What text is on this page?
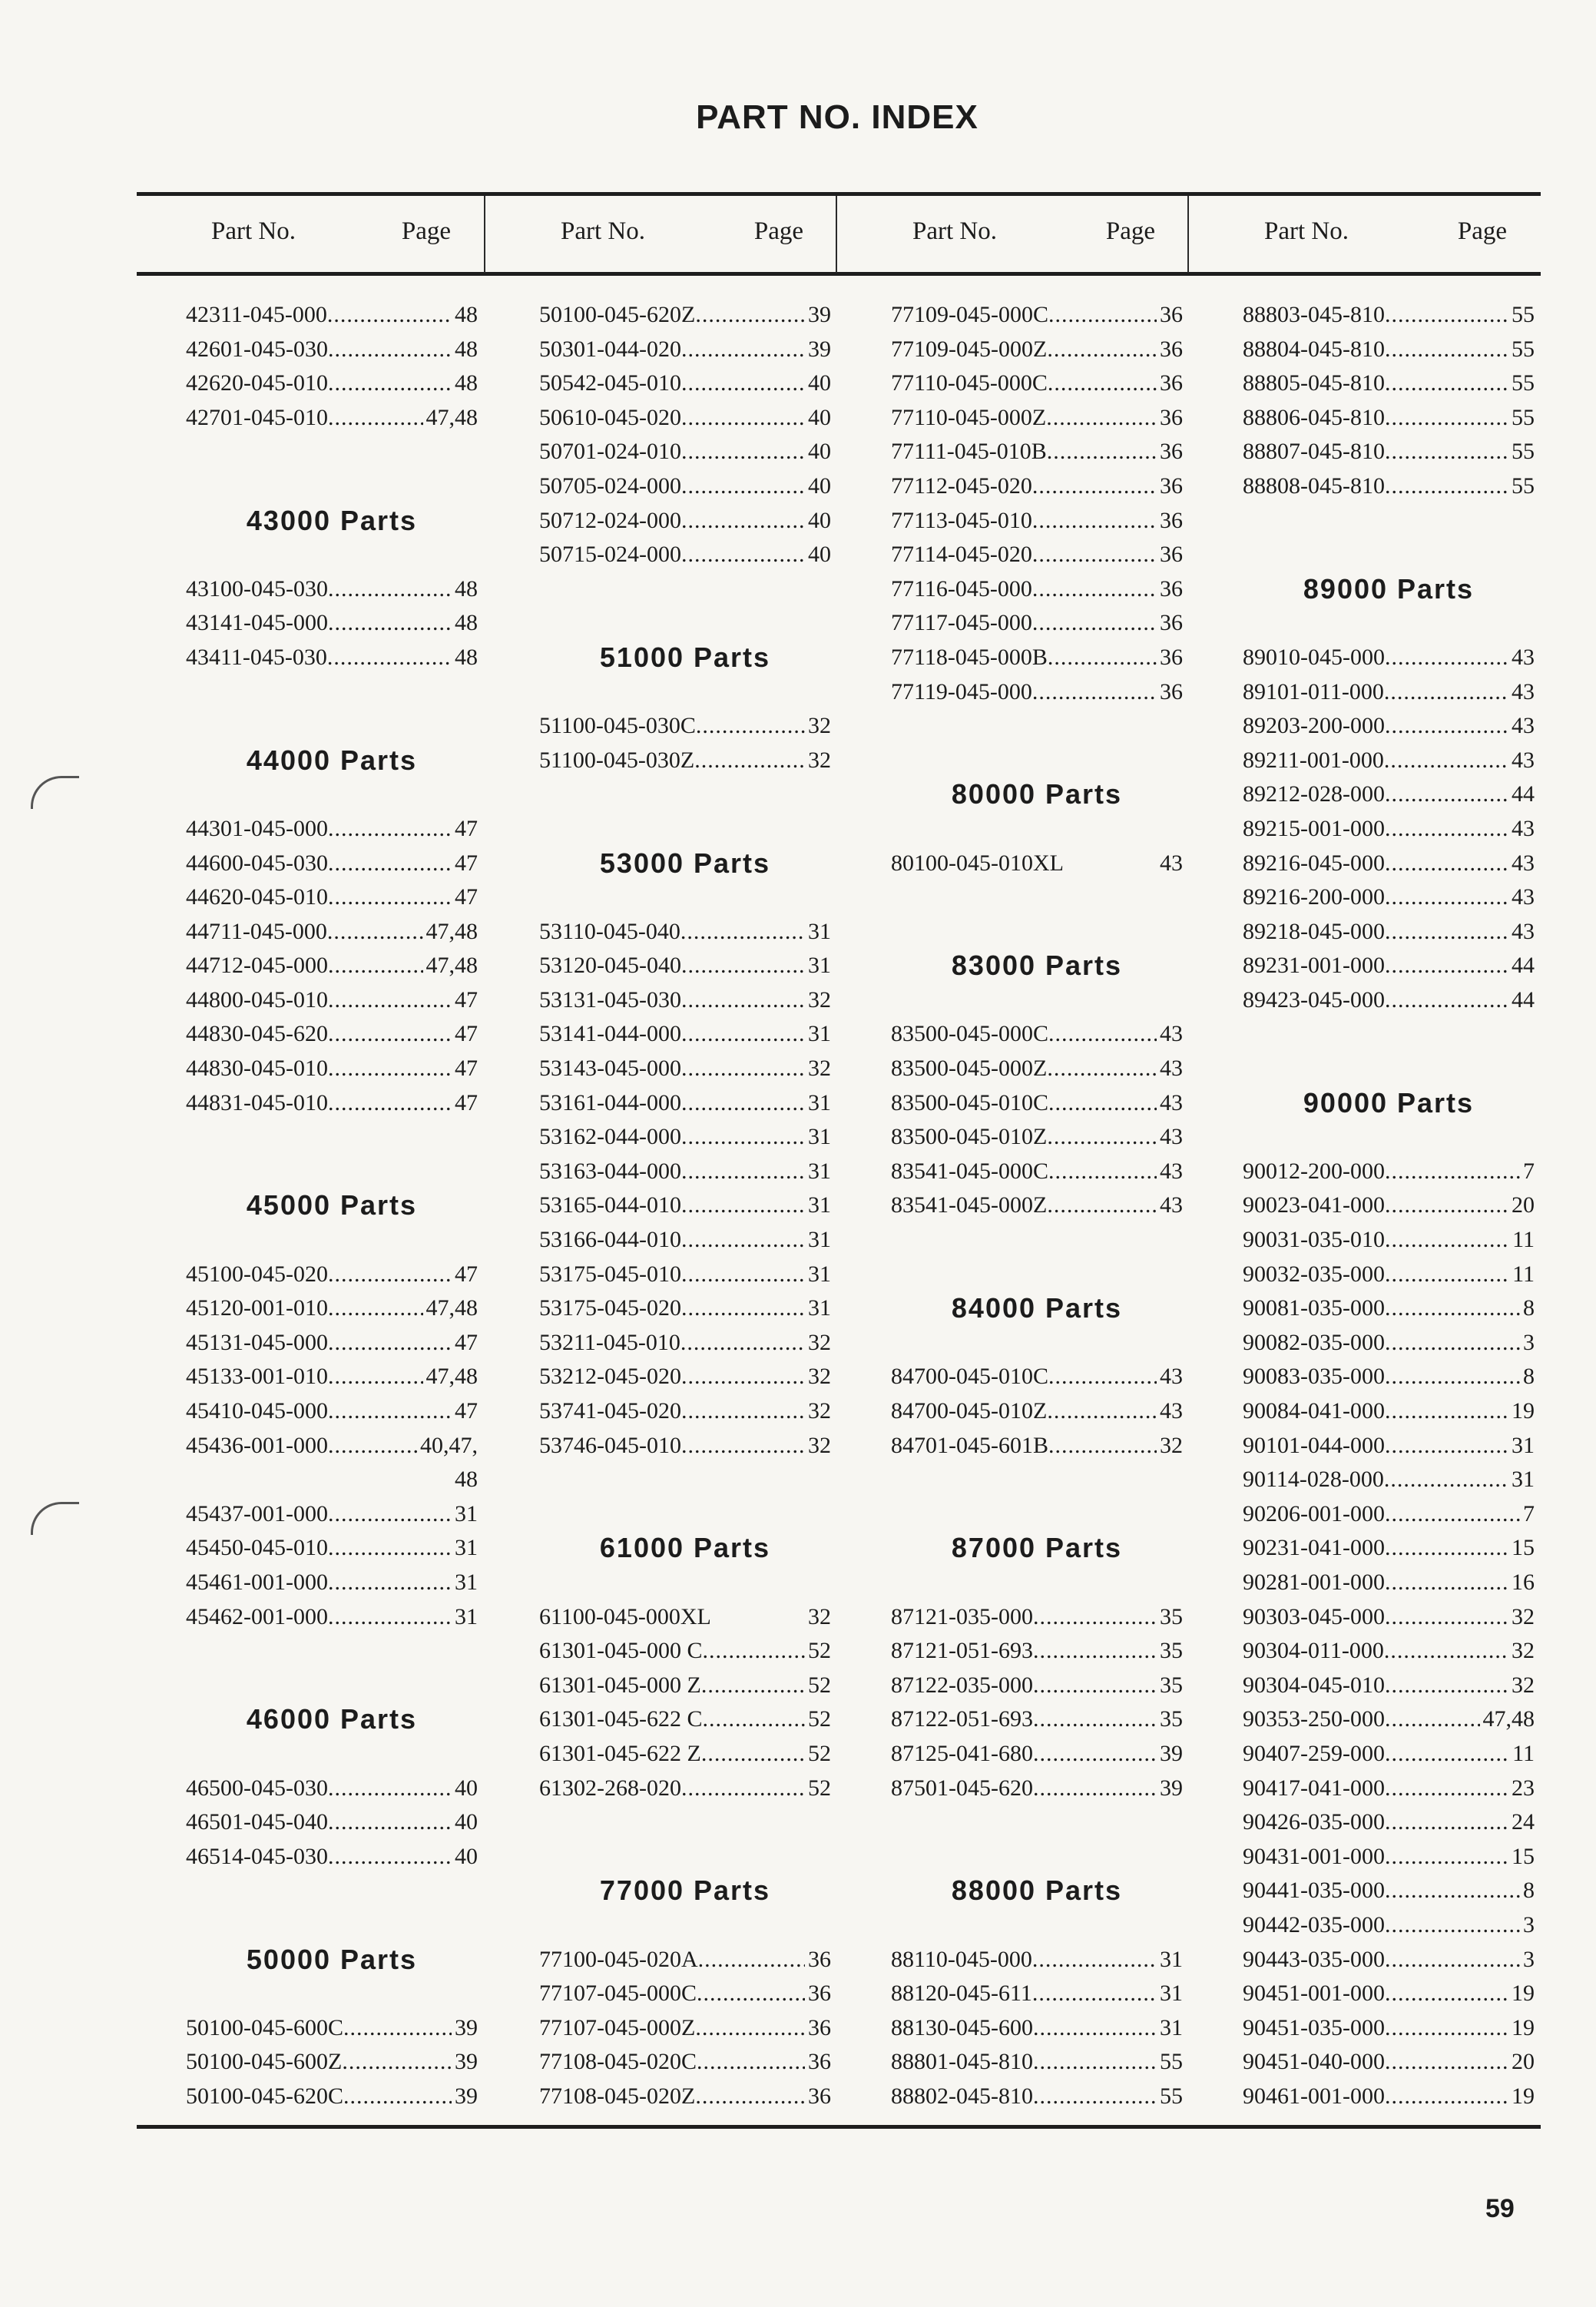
PART NO. INDEX
Part No.	Page	Part No.	Page	Part No.	Page	Part No.	Page
42311-045-000 .....	48
42601-045-030 .....	48
42620-045-010 .....	48
42701-045-010 .....	47,48
43000 Parts
43100-045-030 .....	48
43141-045-000 .....	48
43411-045-030 .....	48
44000 Parts
44301-045-000 .....	47
44600-045-030 .....	47
44620-045-010 .....	47
44711-045-000 .....	47,48
44712-045-000 .....	47,48
44800-045-010 .....	47
44830-045-620 .....	47
44830-045-010 .....	47
44831-045-010 .....	47
45000 Parts
45100-045-020 .....	47
45120-001-010 .....	47,48
45131-045-000 .....	47
45133-001-010 .....	47,48
45410-045-000 .....	47
45436-001-000 .....	40,47,
48
45437-001-000 .....	31
45450-045-010 .....	31
45461-001-000 .....	31
45462-001-000 .....	31
46000 Parts
46500-045-030 .....	40
46501-045-040 .....	40
46514-045-030 .....	40
50000 Parts
50100-045-600C .....	39
50100-045-600Z .....	39
50100-045-620C .....	39
50100-045-620Z .....	39
50301-044-020 .....	39
50542-045-010 .....	40
50610-045-020 .....	40
50701-024-010 .....	40
50705-024-000 .....	40
50712-024-000 .....	40
50715-024-000 .....	40
51000 Parts
51100-045-030C .....	32
51100-045-030Z .....	32
53000 Parts
53110-045-040 .....	31
53120-045-040 .....	31
53131-045-030 .....	32
53141-044-000 .....	31
53143-045-000 .....	32
53161-044-000 .....	31
53162-044-000 .....	31
53163-044-000 .....	31
53165-044-010 .....	31
53166-044-010 .....	31
53175-045-010 .....	31
53175-045-020 .....	31
53211-045-010 .....	32
53212-045-020 .....	32
53741-045-020 .....	32
53746-045-010 .....	32
61000 Parts
61100-045-000XL	32
61301-045-000 C .....	52
61301-045-000 Z .....	52
61301-045-622 C .....	52
61301-045-622 Z .....	52
61302-268-020 .....	52
77000 Parts
77100-045-020A .....	36
77107-045-000C .....	36
77107-045-000Z .....	36
77108-045-020C .....	36
77108-045-020Z .....	36
77109-045-000C .....	36
77109-045-000Z .....	36
77110-045-000C .....	36
77110-045-000Z .....	36
77111-045-010B .....	36
77112-045-020 .....	36
77113-045-010 .....	36
77114-045-020 .....	36
77116-045-000 .....	36
77117-045-000 .....	36
77118-045-000B .....	36
77119-045-000 .....	36
80000 Parts
80100-045-010XL	43
83000 Parts
83500-045-000C .....	43
83500-045-000Z .....	43
83500-045-010C .....	43
83500-045-010Z .....	43
83541-045-000C .....	43
83541-045-000Z .....	43
84000 Parts
84700-045-010C .....	43
84700-045-010Z .....	43
84701-045-601B .....	32
87000 Parts
87121-035-000 .....	35
87121-051-693 .....	35
87122-035-000 .....	35
87122-051-693 .....	35
87125-041-680 .....	39
87501-045-620 .....	39
88000 Parts
88110-045-000 .....	31
88120-045-611 .....	31
88130-045-600 .....	31
88801-045-810 .....	55
88802-045-810 .....	55
88803-045-810 .....	55
88804-045-810 .....	55
88805-045-810 .....	55
88806-045-810 .....	55
88807-045-810 .....	55
88808-045-810 .....	55
89000 Parts
89010-045-000 .....	43
89101-011-000 .....	43
89203-200-000 .....	43
89211-001-000 .....	43
89212-028-000 .....	44
89215-001-000 .....	43
89216-045-000 .....	43
89216-200-000 .....	43
89218-045-000 .....	43
89231-001-000 .....	44
89423-045-000 .....	44
90000 Parts
90012-200-000 .....	7
90023-041-000 .....	20
90031-035-010 .....	11
90032-035-000 .....	11
90081-035-000 .....	8
90082-035-000 .....	3
90083-035-000 .....	8
90084-041-000 .....	19
90101-044-000 .....	31
90114-028-000 .....	31
90206-001-000 .....	7
90231-041-000 .....	15
90281-001-000 .....	16
90303-045-000 .....	32
90304-011-000 .....	32
90304-045-010 .....	32
90353-250-000 .....	47,48
90407-259-000 .....	11
90417-041-000 .....	23
90426-035-000 .....	24
90431-001-000 .....	15
90441-035-000 .....	8
90442-035-000 .....	3
90443-035-000 .....	3
90451-001-000 .....	19
90451-035-000 .....	19
90451-040-000 .....	20
90461-001-000 .....	19
59
